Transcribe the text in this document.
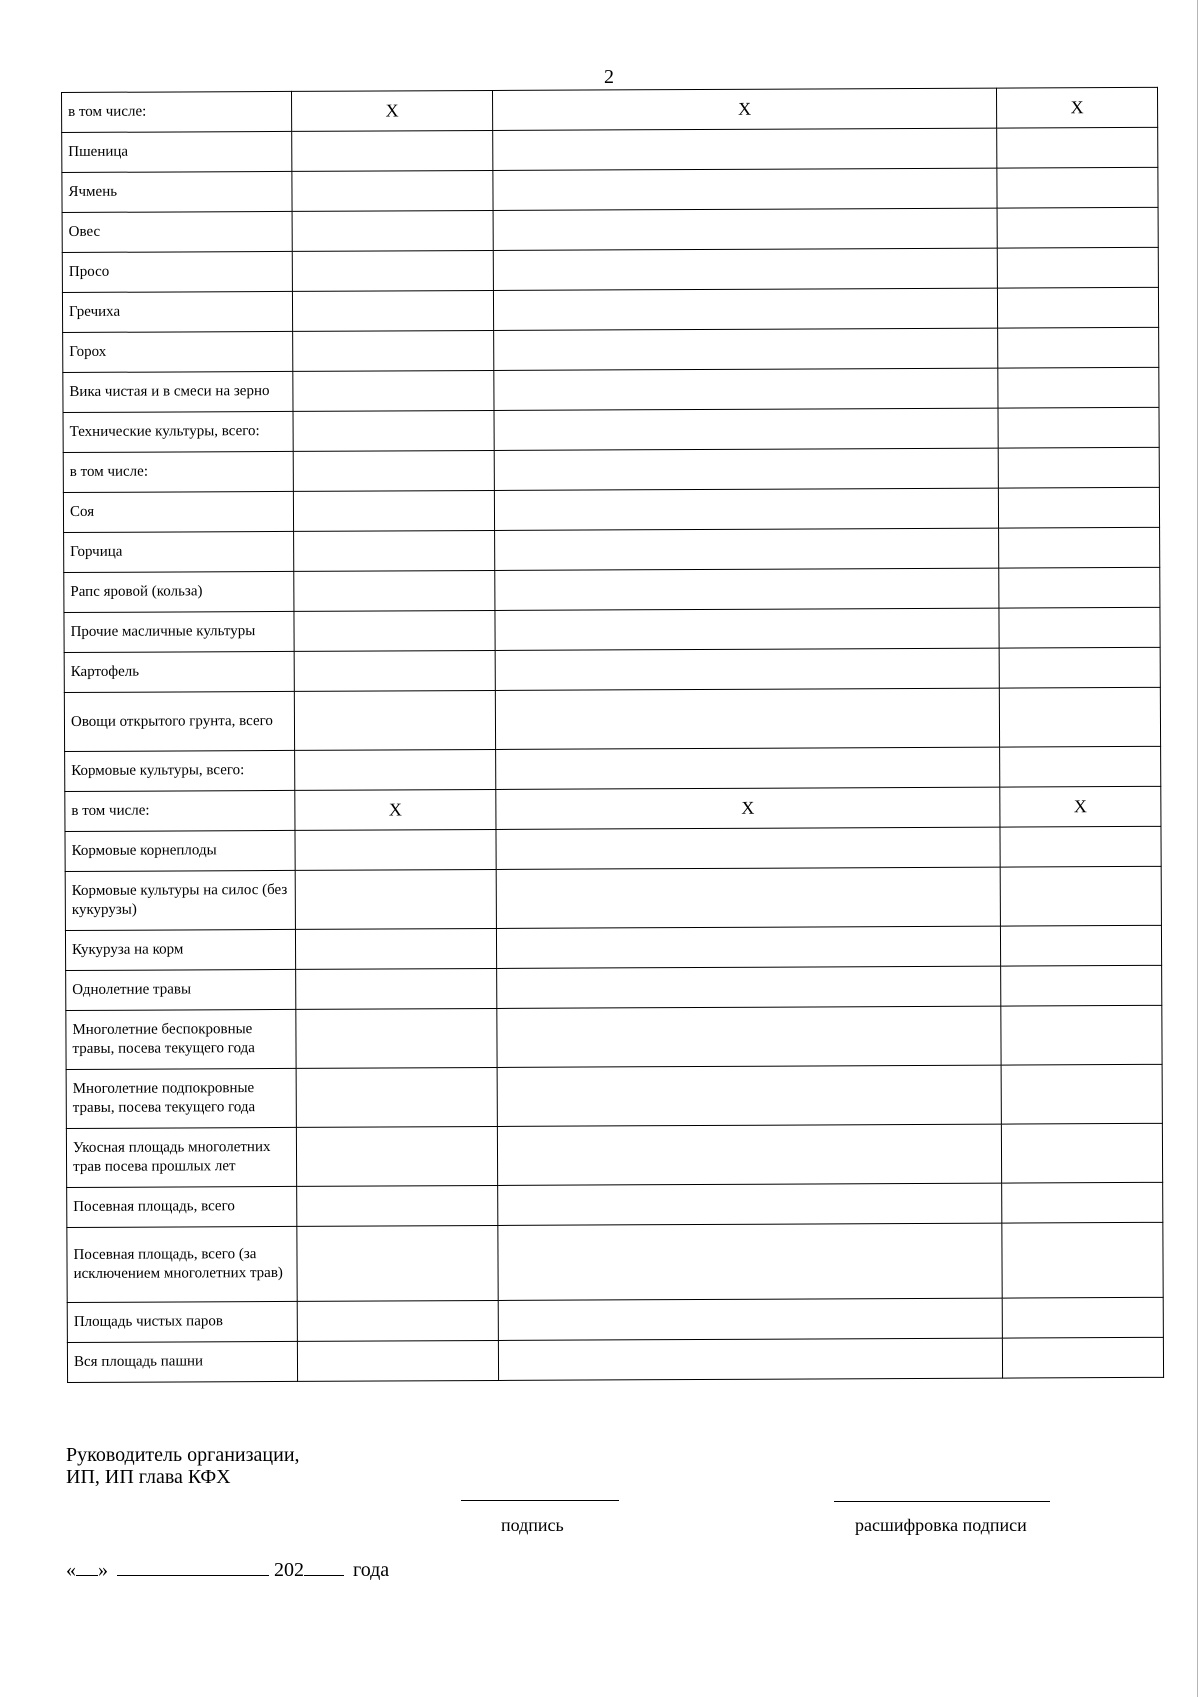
2
в том числе:	X	X	X
Пшеница			
Ячмень			
Овес			
Просо			
Гречиха			
Горох			
Вика чистая и в смеси на зерно			
Технические культуры, всего:			
в том числе:			
Соя			
Горчица			
Рапс яровой (кольза)			
Прочие масличные культуры			
Картофель			
Овощи открытого грунта, всего			
Кормовые культуры, всего:			
в том числе:	X	X	X
Кормовые корнеплоды			
Кормовые культуры на силос (без кукурузы)			
Кукуруза на корм			
Однолетние травы			
Многолетние беспокровные травы, посева текущего года			
Многолетние подпокровные травы, посева текущего года			
Укосная площадь многолетних трав посева прошлых лет			
Посевная площадь, всего			
Посевная площадь, всего (за исключением многолетних трав)			
Площадь чистых паров			
Вся площадь пашни			
Руководитель организации,
ИП, ИП глава КФХ
подпись	расшифровка подписи
« »	202 года
